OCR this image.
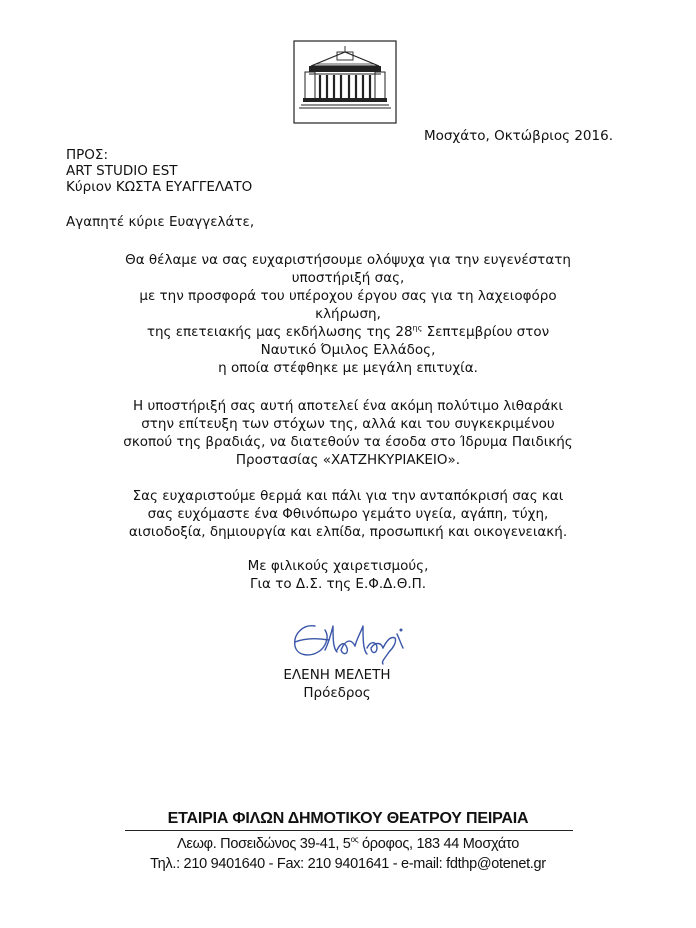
Μοσχάτο, Οκτώβριος 2016.
ΠΡΟΣ:
ART STUDIO EST
Κύριον ΚΩΣΤΑ ΕΥΑΓΓΕΛΑΤΟ
Αγαπητέ κύριε Ευαγγελάτε,
Θα θέλαμε να σας ευχαριστήσουμε ολόψυχα για την ευγενέστατη
υποστήριξή σας,
με την προσφορά του υπέροχου έργου σας για τη λαχειοφόρο
κλήρωση,
της επετειακής μας εκδήλωσης της $28^{\eta\varsigma}$ Σεπτεμβρίου στον
Ναυτικό Όμιλος Ελλάδος,
η οποία στέφθηκε με μεγάλη επιτυχία.
Η υποστήριξή σας αυτή αποτελεί ένα ακόμη πολύτιμο λιθαράκι
στην επίτευξη των στόχων της, αλλά και του συγκεκριμένου
σκοπού της βραδιάς, να διατεθούν τα έσοδα στο Ίδρυμα Παιδικής
Προστασίας «ΧΑΤΖΗΚΥΡΙΑΚΕΙΟ».
Σας ευχαριστούμε θερμά και πάλι για την ανταπόκρισή σας και
σας ευχόμαστε ένα Φθινόπωρο γεμάτο υγεία, αγάπη, τύχη,
αισιοδοξία, δημιουργία και ελπίδα, προσωπική και οικογενειακή.
Με φιλικούς χαιρετισμούς,
Για το Δ.Σ. της Ε.Φ.Δ.Θ.Π.
ΕΛΕΝΗ ΜΕΛΕΤΗ
Πρόεδρος
ΕΤΑΙΡΙΑ ΦΙΛΩΝ ΔΗΜΟΤΙΚΟΥ ΘΕΑΤΡΟΥ ΠΕΙΡΑΙΑ
Λεωφ. Ποσειδώνος 39-41, $5^{o\varsigma}$ όροφος, 183 44 Μοσχάτο
Τηλ.: 210 9401640 - Fax: 210 9401641 - e-mail: fdthp@otenet.gr
